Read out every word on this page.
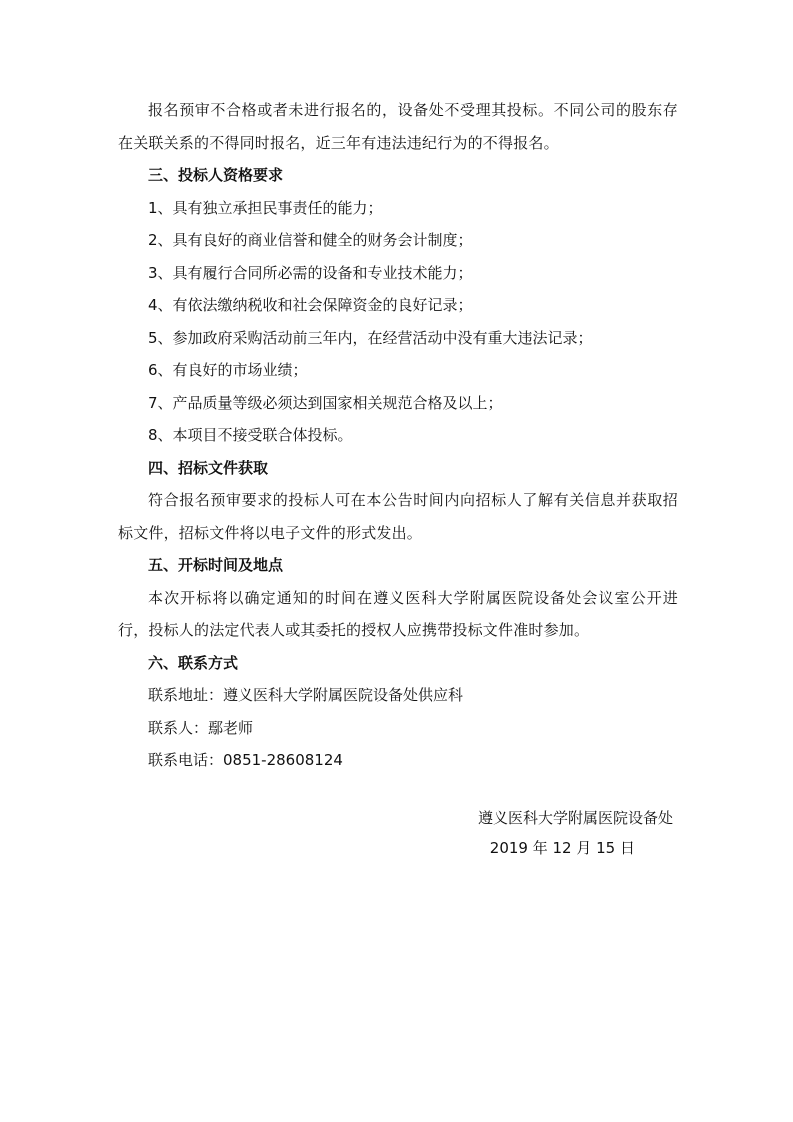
报名预审不合格或者未进行报名的，设备处不受理其投标。不同公司的股东存在关联关系的不得同时报名，近三年有违法违纪行为的不得报名。

三、投标人资格要求

1、具有独立承担民事责任的能力；

2、具有良好的商业信誉和健全的财务会计制度；

3、具有履行合同所必需的设备和专业技术能力；

4、有依法缴纳税收和社会保障资金的良好记录；

5、参加政府采购活动前三年内，在经营活动中没有重大违法记录；

6、有良好的市场业绩；

7、产品质量等级必须达到国家相关规范合格及以上；

8、本项目不接受联合体投标。

四、招标文件获取

符合报名预审要求的投标人可在本公告时间内向招标人了解有关信息并获取招标文件，招标文件将以电子文件的形式发出。

五、开标时间及地点

本次开标将以确定通知的时间在遵义医科大学附属医院设备处会议室公开进行，投标人的法定代表人或其委托的授权人应携带投标文件准时参加。

六、联系方式

联系地址：遵义医科大学附属医院设备处供应科

联系人：鄢老师

联系电话：0851-28608124

遵义医科大学附属医院设备处
2019 年 12 月 15 日
